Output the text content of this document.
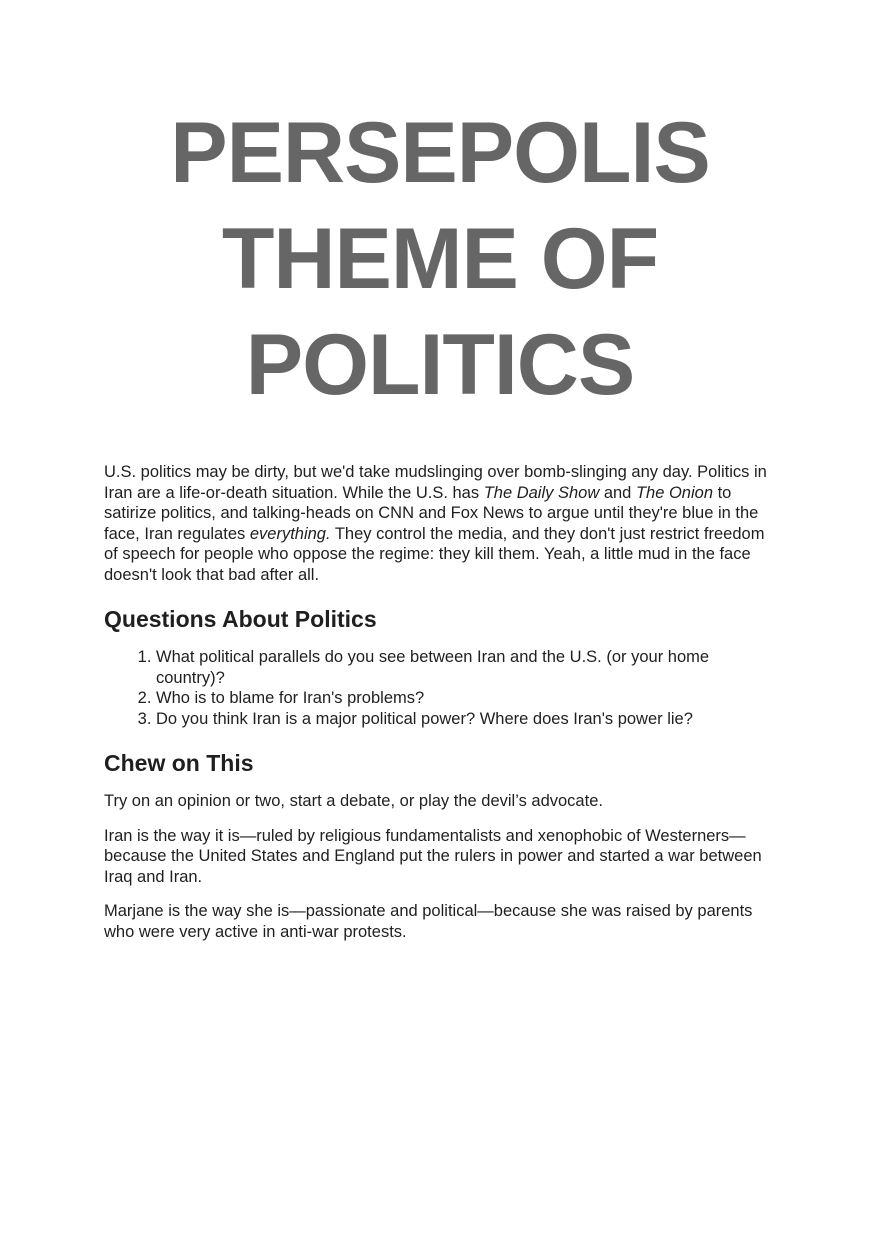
PERSEPOLIS
THEME OF
POLITICS

U.S. politics may be dirty, but we'd take mudslinging over bomb-slinging any day. Politics in Iran are a life-or-death situation. While the U.S. has The Daily Show and The Onion to satirize politics, and talking-heads on CNN and Fox News to argue until they're blue in the face, Iran regulates everything. They control the media, and they don't just restrict freedom of speech for people who oppose the regime: they kill them. Yeah, a little mud in the face doesn't look that bad after all.

Questions About Politics
1. What political parallels do you see between Iran and the U.S. (or your home country)?
2. Who is to blame for Iran's problems?
3. Do you think Iran is a major political power? Where does Iran's power lie?
Chew on This

Try on an opinion or two, start a debate, or play the devil’s advocate.

Iran is the way it is—ruled by religious fundamentalists and xenophobic of Westerners—because the United States and England put the rulers in power and started a war between Iraq and Iran.

Marjane is the way she is—passionate and political—because she was raised by parents who were very active in anti-war protests.
